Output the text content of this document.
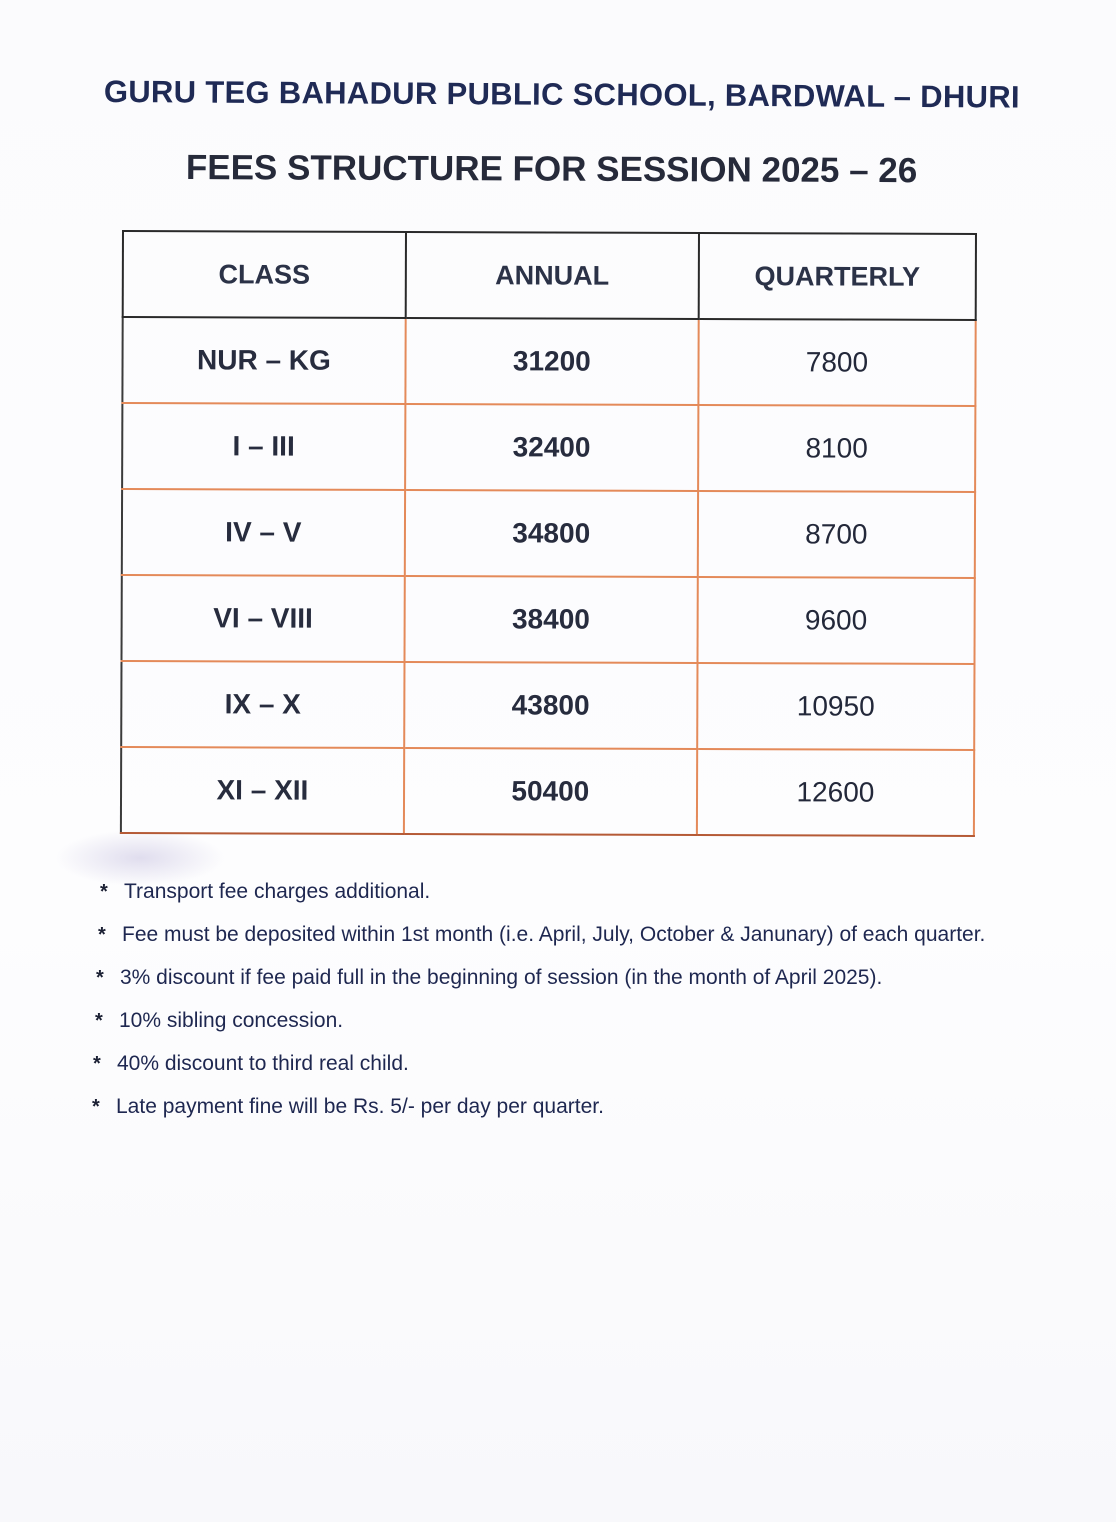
GURU TEG BAHADUR PUBLIC SCHOOL, BARDWAL – DHURI
FEES STRUCTURE FOR SESSION 2025 – 26
CLASS	ANNUAL	QUARTERLY
NUR – KG	31200	7800
I – III	32400	8100
IV – V	34800	8700
VI – VIII	38400	9600
IX – X	43800	10950
XI – XII	50400	12600
* Transport fee charges additional.
* Fee must be deposited within 1st month (i.e. April, July, October & Janunary) of each quarter.
* 3% discount if fee paid full in the beginning of session (in the month of April 2025).
* 10% sibling concession.
* 40% discount to third real child.
* Late payment fine will be Rs. 5/- per day per quarter.
